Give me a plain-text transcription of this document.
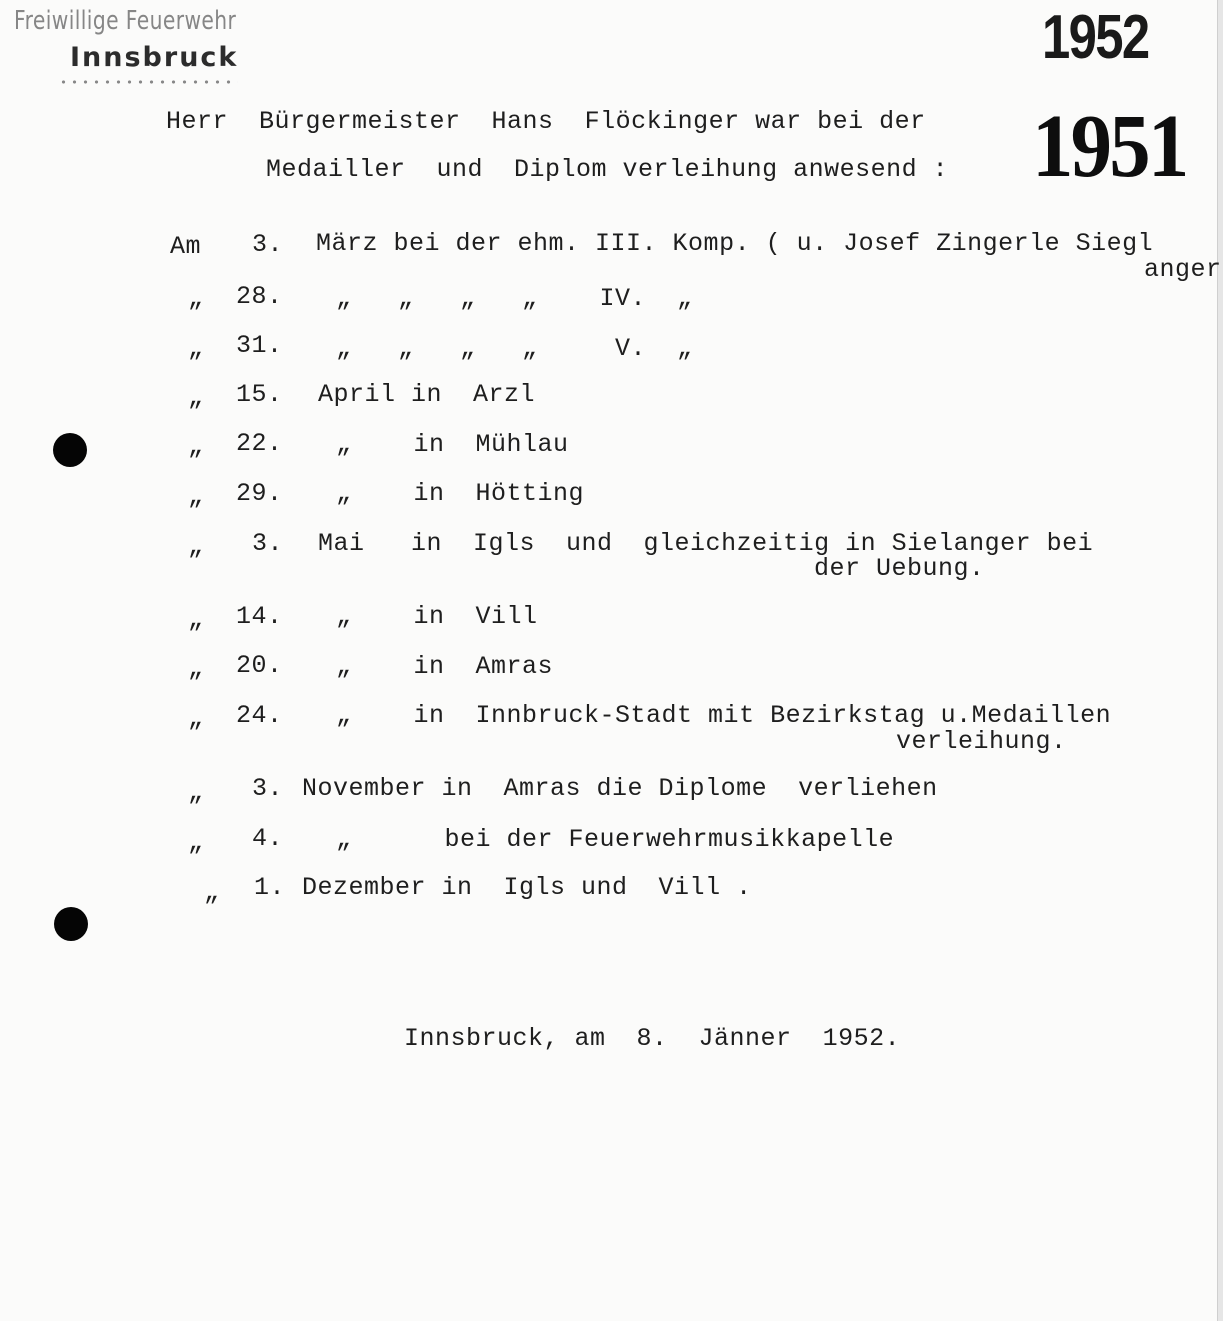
Freiwillige Feuerwehr
Innsbruck	1952
1951
Herr  Bürgermeister  Hans  Flöckinger war bei der
Medailler  und  Diplom verleihung anwesend :
Am 3. März bei der ehm. III. Komp. ( u. Josef Zingerle Siegl
anger
„ 28. „   „   „   „    IV.  „
„ 31. „   „   „   „     V.  „
„ 15. April in  Arzl
„ 22. „    in  Mühlau
„ 29. „    in  Hötting
„ 3. Mai   in  Igls  und  gleichzeitig in Sielanger bei
der Uebung.
„ 14. „    in  Vill
„ 20. „    in  Amras
„ 24. „    in  Innbruck-Stadt mit Bezirkstag u.Medaillen
verleihung.
„ 3. November in  Amras die Diplome  verliehen
„ 4. „      bei der Feuerwehrmusikkapelle
„ 1. Dezember in  Igls und  Vill .
Innsbruck, am  8.  Jänner  1952.
